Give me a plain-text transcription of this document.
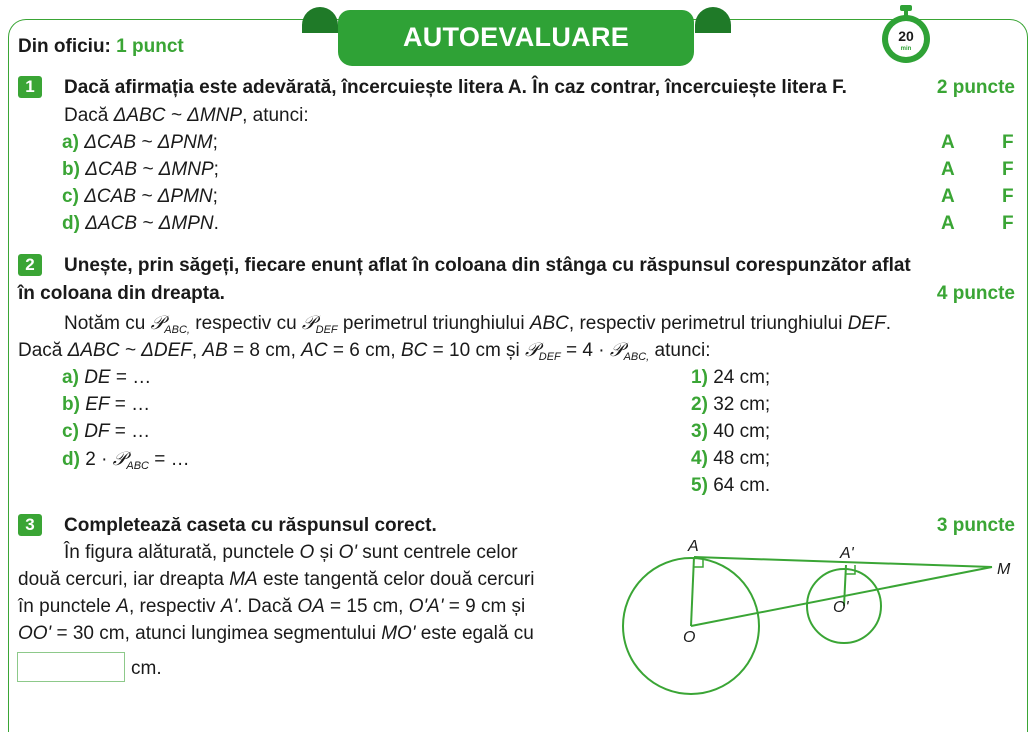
AUTOEVALUARE	20
min
Din oficiu: 1 punct
1	Dacă afirmația este adevărată, încercuiește litera A. În caz contrar, încercuiește litera F.	2 puncte
Dacă ΔABC ~ ΔMNP, atunci:
a) ΔCAB ~ ΔPNM;
b) ΔCAB ~ ΔMNP;
c) ΔCAB ~ ΔPMN;
d) ΔACB ~ ΔMPN.
A F
A F
A F
A F
2	Unește, prin săgeți, fiecare enunț aflat în coloana din stânga cu răspunsul corespunzător aflat
în coloana din dreapta.	4 puncte
Notăm cu 𝒫$_{ABC,}$ respectiv cu 𝒫$_{DEF}$ perimetrul triunghiului ABC, respectiv perimetrul triunghiului DEF.
Dacă ΔABC ~ ΔDEF, AB = 8 cm, AC = 6 cm, BC = 10 cm și 𝒫$_{DEF}$ = 4 · 𝒫$_{ABC,}$ atunci:
a) DE = …
b) EF = …
c) DF = …
d) 2 · 𝒫$_{ABC}$ = …
1) 24 cm;
2) 32 cm;
3) 40 cm;
4) 48 cm;
5) 64 cm.
3	Completează caseta cu răspunsul corect.	3 puncte
În figura alăturată, punctele O și O' sunt centrele celor
două cercuri, iar dreapta MA este tangentă celor două cercuri
în punctele A, respectiv A'. Dacă OA = 15 cm, O'A' = 9 cm și
OO' = 30 cm, atunci lungimea segmentului MO' este egală cu
cm.
A	A'
M
O
O'
